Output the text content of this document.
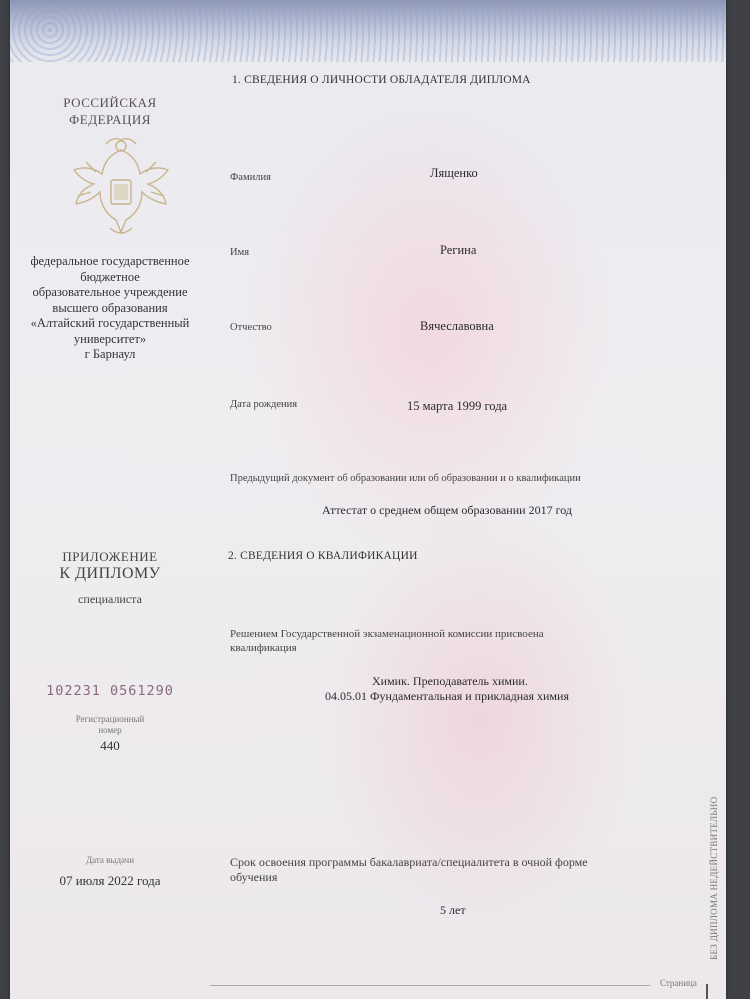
РОССИЙСКАЯ
ФЕДЕРАЦИЯ
федеральное государственное
бюджетное
образовательное учреждение
высшего образования
«Алтайский государственный
университет»
г Барнаул
ПРИЛОЖЕНИЕ
К ДИПЛОМУ
специалиста
102231 0561290
Регистрационный
номер
440
Дата выдачи
07 июля 2022 года
1. СВЕДЕНИЯ О ЛИЧНОСТИ ОБЛАДАТЕЛЯ ДИПЛОМА
Фамилия	Лященко
Имя	Регина
Отчество	Вячеславовна
Дата рождения	15 марта 1999 года
Предыдущий документ об образовании или об образовании и о квалификации
Аттестат о среднем общем образовании 2017 год
2. СВЕДЕНИЯ О КВАЛИФИКАЦИИ
Решением Государственной экзаменационной комиссии присвоена
квалификация
Химик. Преподаватель химии.
04.05.01 Фундаментальная и прикладная химия
Срок освоения программы бакалавриата/специалитета в очной форме
обучения
5 лет	БЕЗ ДИПЛОМА НЕДЕЙСТВИТЕЛЬНО
Страница
